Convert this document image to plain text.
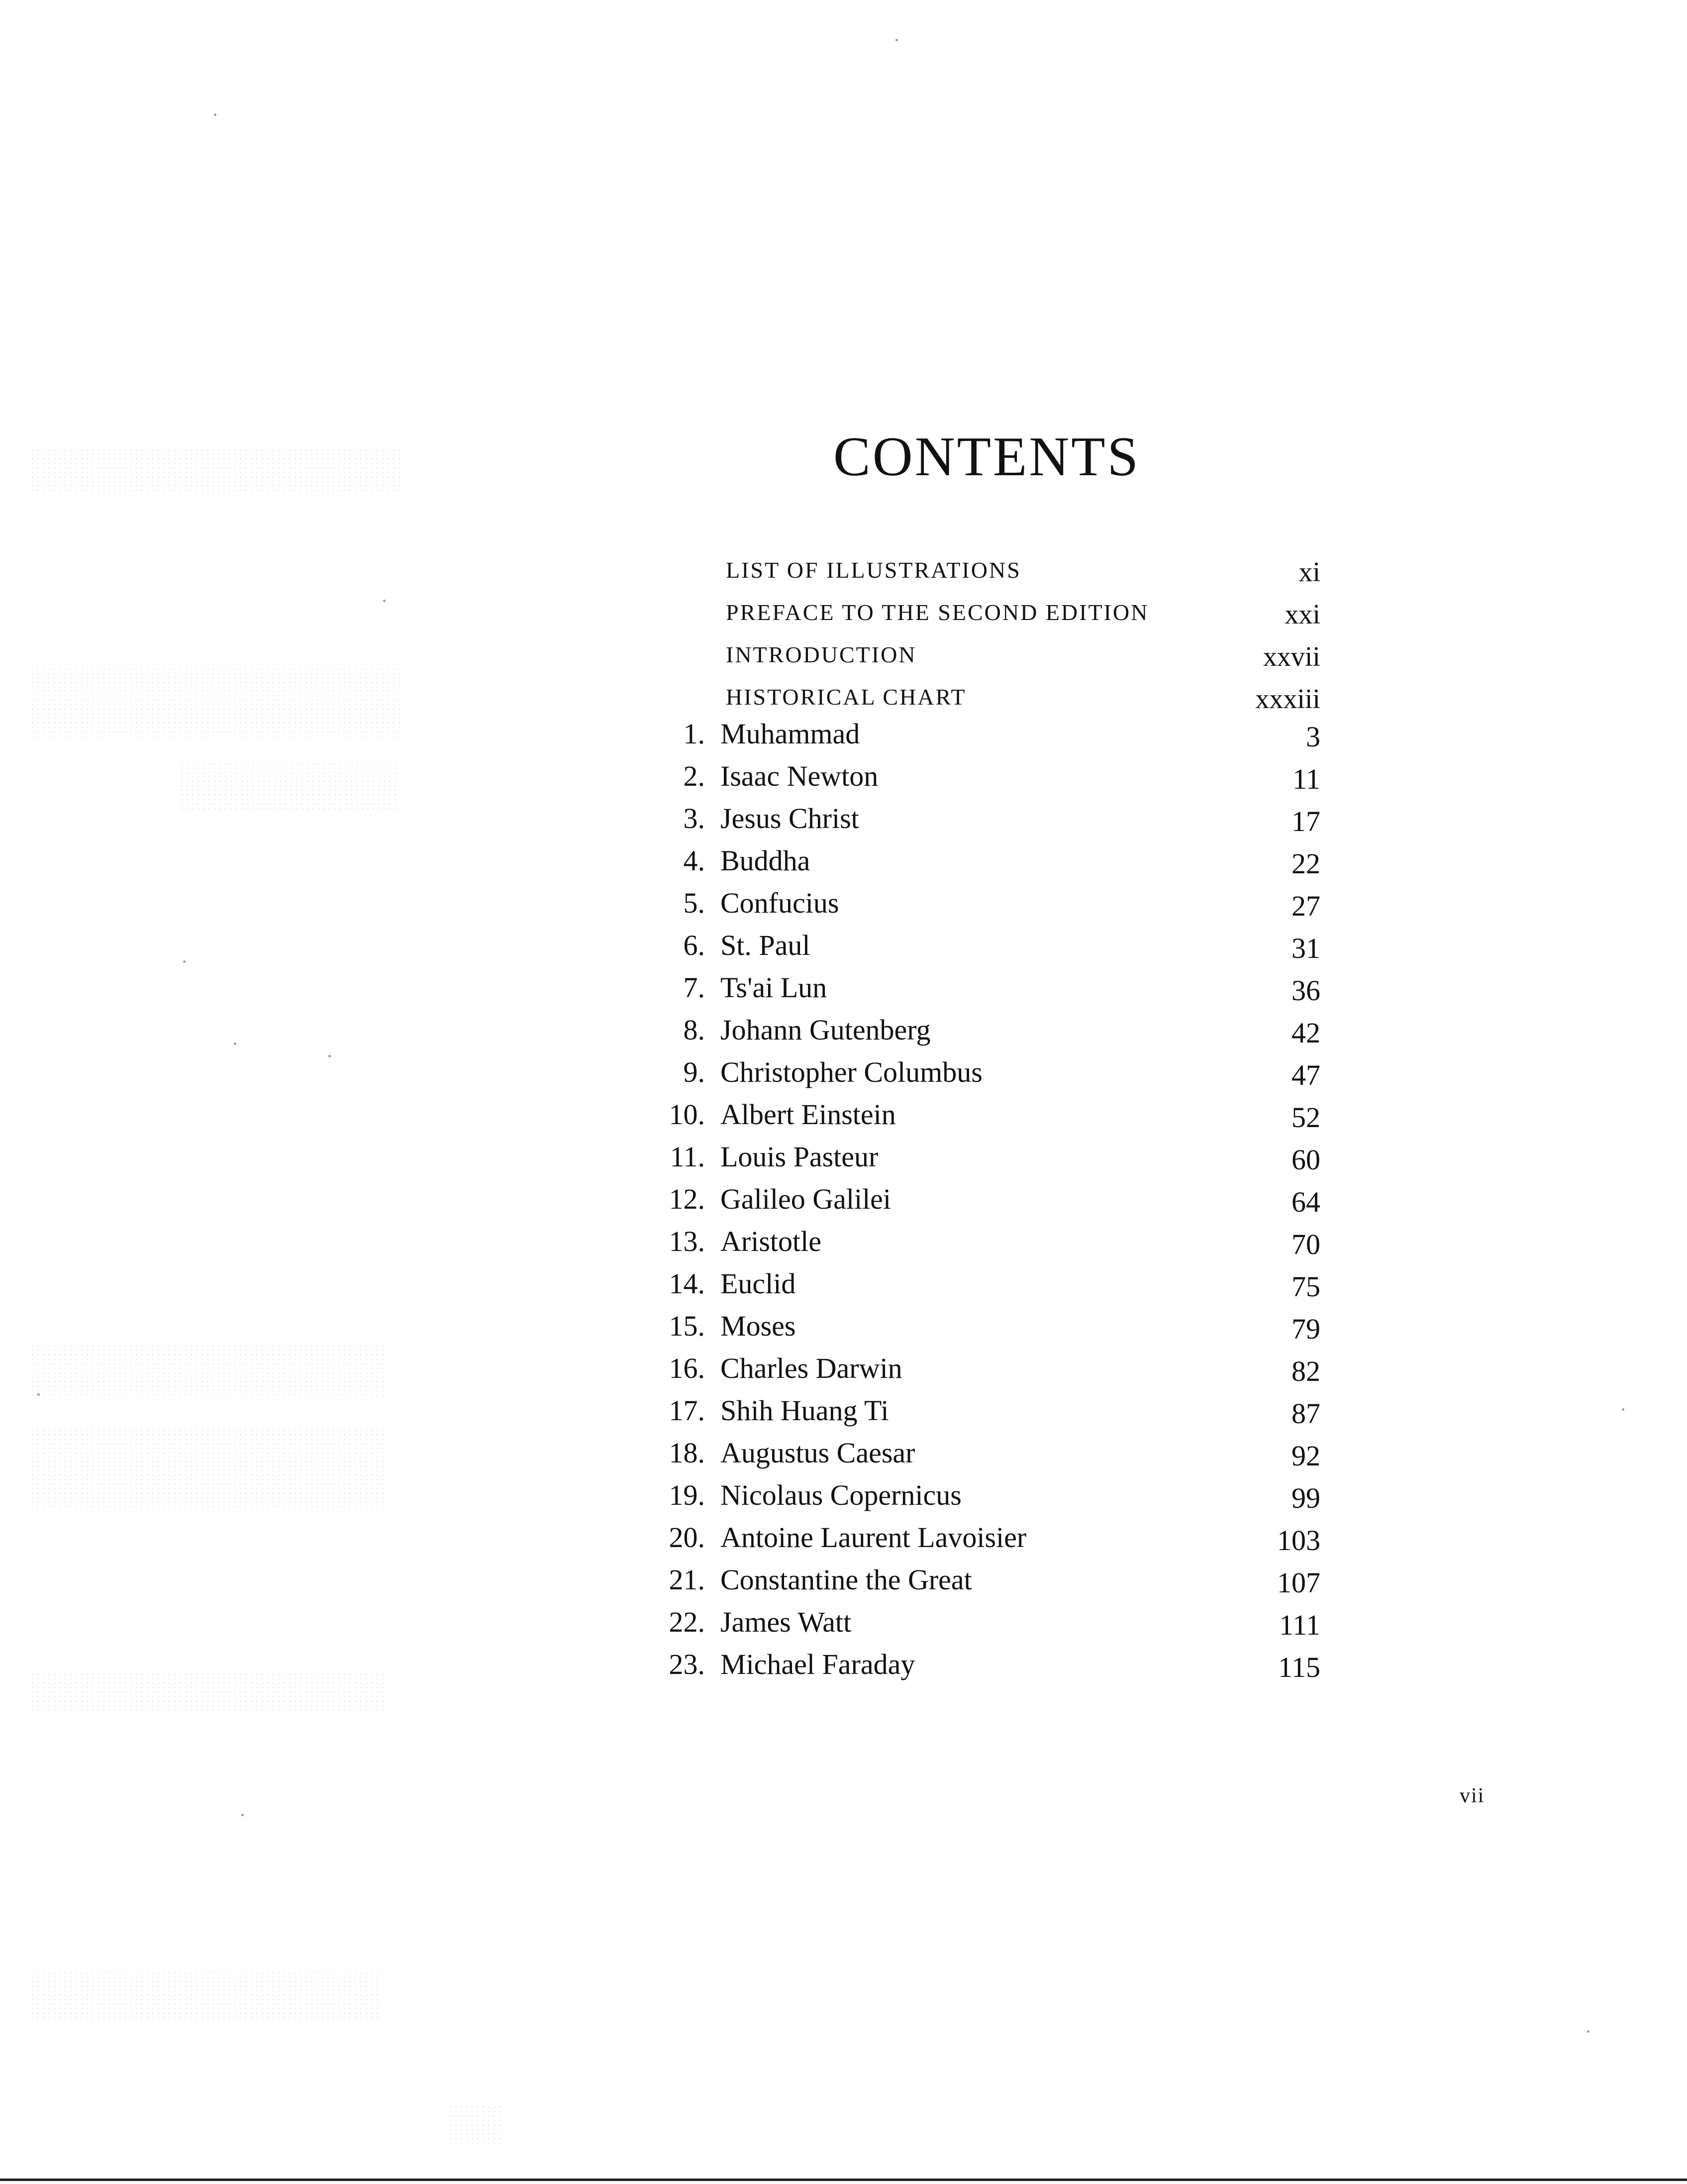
CONTENTS
LIST OF ILLUSTRATIONS	xi
PREFACE TO THE SECOND EDITION	xxi
INTRODUCTION	xxvii
HISTORICAL CHART	xxxiii
1. Muhammad	3
2. Isaac Newton	11
3. Jesus Christ	17
4. Buddha	22
5. Confucius	27
6. St. Paul	31
7. Ts'ai Lun	36
8. Johann Gutenberg	42
9. Christopher Columbus	47
10. Albert Einstein	52
11. Louis Pasteur	60
12. Galileo Galilei	64
13. Aristotle	70
14. Euclid	75
15. Moses	79
16. Charles Darwin	82
17. Shih Huang Ti	87
18. Augustus Caesar	92
19. Nicolaus Copernicus	99
20. Antoine Laurent Lavoisier	103
21. Constantine the Great	107
22. James Watt	111
23. Michael Faraday	115
vii
